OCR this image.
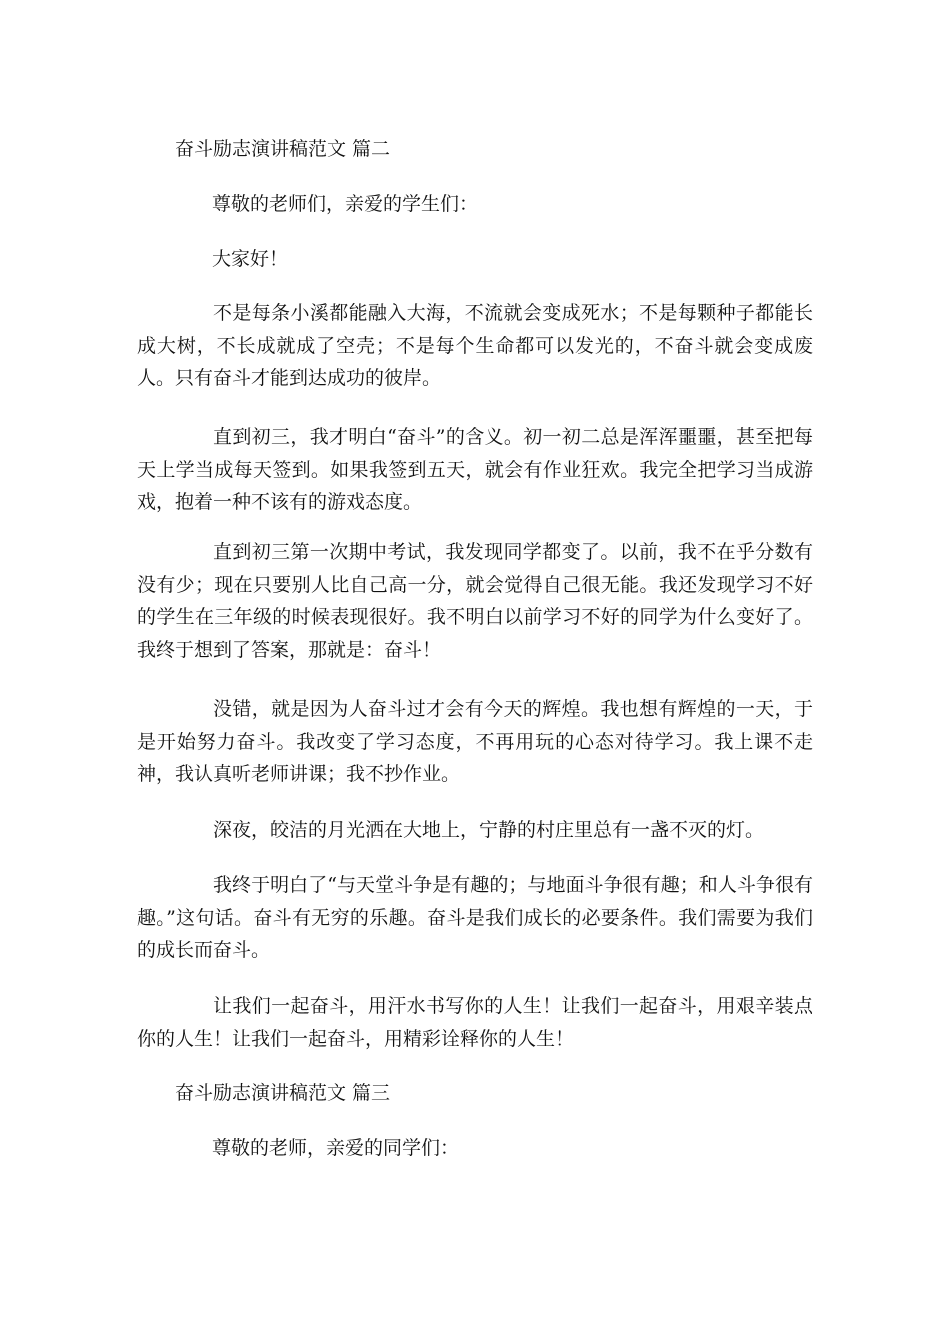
奋斗励志演讲稿范文 篇二

尊敬的老师们，亲爱的学生们：

大家好！

不是每条小溪都能融入大海，不流就会变成死水；不是每颗种子都能长成大树，不长成就成了空壳；不是每个生命都可以发光的，不奋斗就会变成废人。只有奋斗才能到达成功的彼岸。

直到初三，我才明白“奋斗”的含义。初一初二总是浑浑噩噩，甚至把每天上学当成每天签到。如果我签到五天，就会有作业狂欢。我完全把学习当成游戏，抱着一种不该有的游戏态度。

直到初三第一次期中考试，我发现同学都变了。以前，我不在乎分数有没有少；现在只要别人比自己高一分，就会觉得自己很无能。我还发现学习不好的学生在三年级的时候表现很好。我不明白以前学习不好的同学为什么变好了。我终于想到了答案，那就是：奋斗！

没错，就是因为人奋斗过才会有今天的辉煌。我也想有辉煌的一天，于是开始努力奋斗。我改变了学习态度，不再用玩的心态对待学习。我上课不走神，我认真听老师讲课；我不抄作业。

深夜，皎洁的月光洒在大地上，宁静的村庄里总有一盏不灭的灯。

我终于明白了“与天堂斗争是有趣的；与地面斗争很有趣；和人斗争很有趣。”这句话。奋斗有无穷的乐趣。奋斗是我们成长的必要条件。我们需要为我们的成长而奋斗。

让我们一起奋斗，用汗水书写你的人生！让我们一起奋斗，用艰辛装点你的人生！让我们一起奋斗，用精彩诠释你的人生！

奋斗励志演讲稿范文 篇三

尊敬的老师，亲爱的同学们：
